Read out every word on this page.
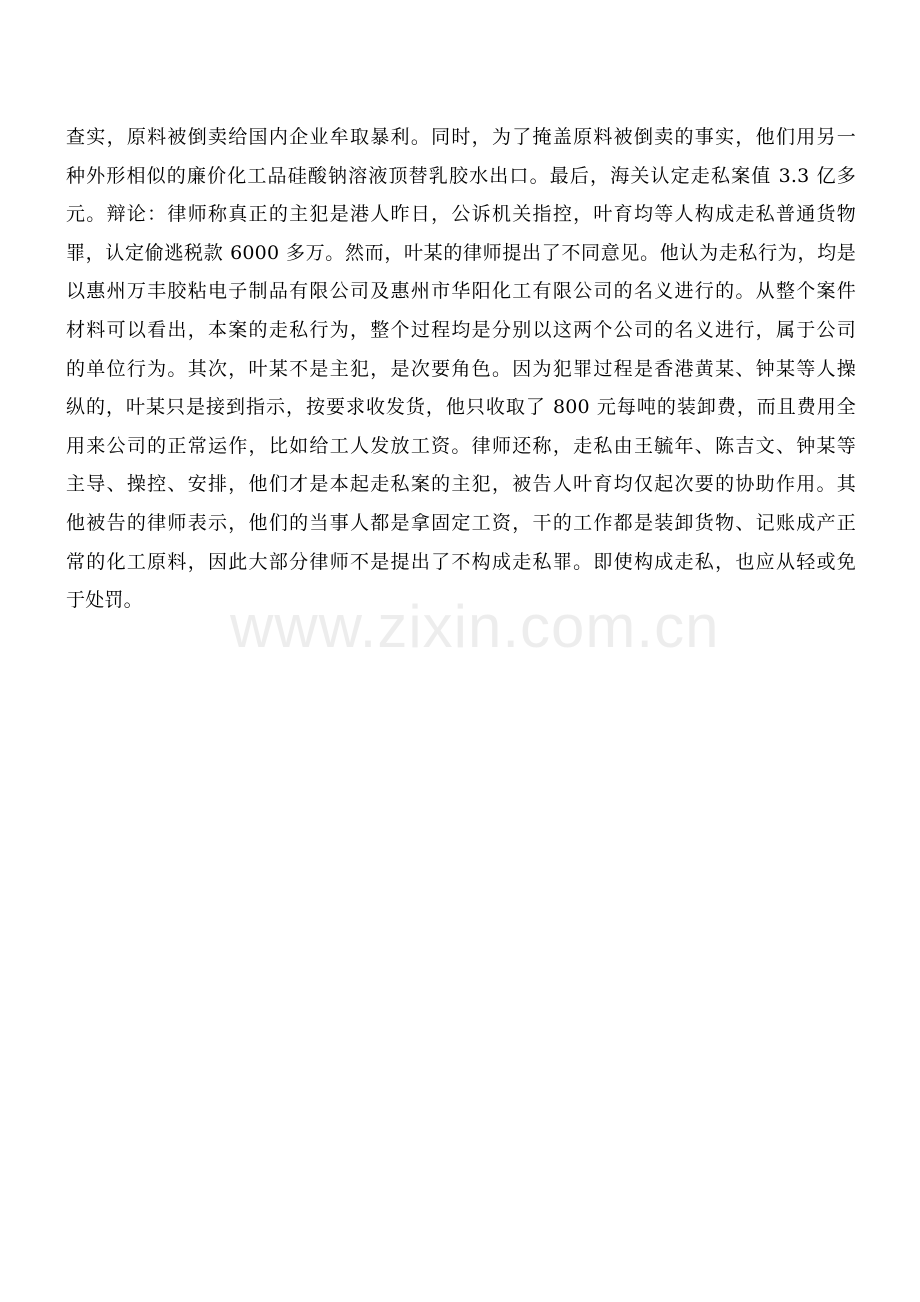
查实，原料被倒卖给国内企业牟取暴利。同时，为了掩盖原料被倒卖的事实，他们用另一
种外形相似的廉价化工品硅酸钠溶液顶替乳胶水出口。最后，海关认定走私案值 3.3 亿多
元。辩论：律师称真正的主犯是港人昨日，公诉机关指控，叶育均等人构成走私普通货物
罪，认定偷逃税款 6000 多万。然而，叶某的律师提出了不同意见。他认为走私行为，均是
以惠州万丰胶粘电子制品有限公司及惠州市华阳化工有限公司的名义进行的。从整个案件
材料可以看出，本案的走私行为，整个过程均是分别以这两个公司的名义进行，属于公司
的单位行为。其次，叶某不是主犯，是次要角色。因为犯罪过程是香港黄某、钟某等人操
纵的，叶某只是接到指示，按要求收发货，他只收取了 800 元每吨的装卸费，而且费用全
用来公司的正常运作，比如给工人发放工资。律师还称，走私由王毓年、陈吉文、钟某等
主导、操控、安排，他们才是本起走私案的主犯，被告人叶育均仅起次要的协助作用。其
他被告的律师表示，他们的当事人都是拿固定工资，干的工作都是装卸货物、记账成产正
常的化工原料，因此大部分律师不是提出了不构成走私罪。即使构成走私，也应从轻或免
于处罚。	www.zixin.com.cn
